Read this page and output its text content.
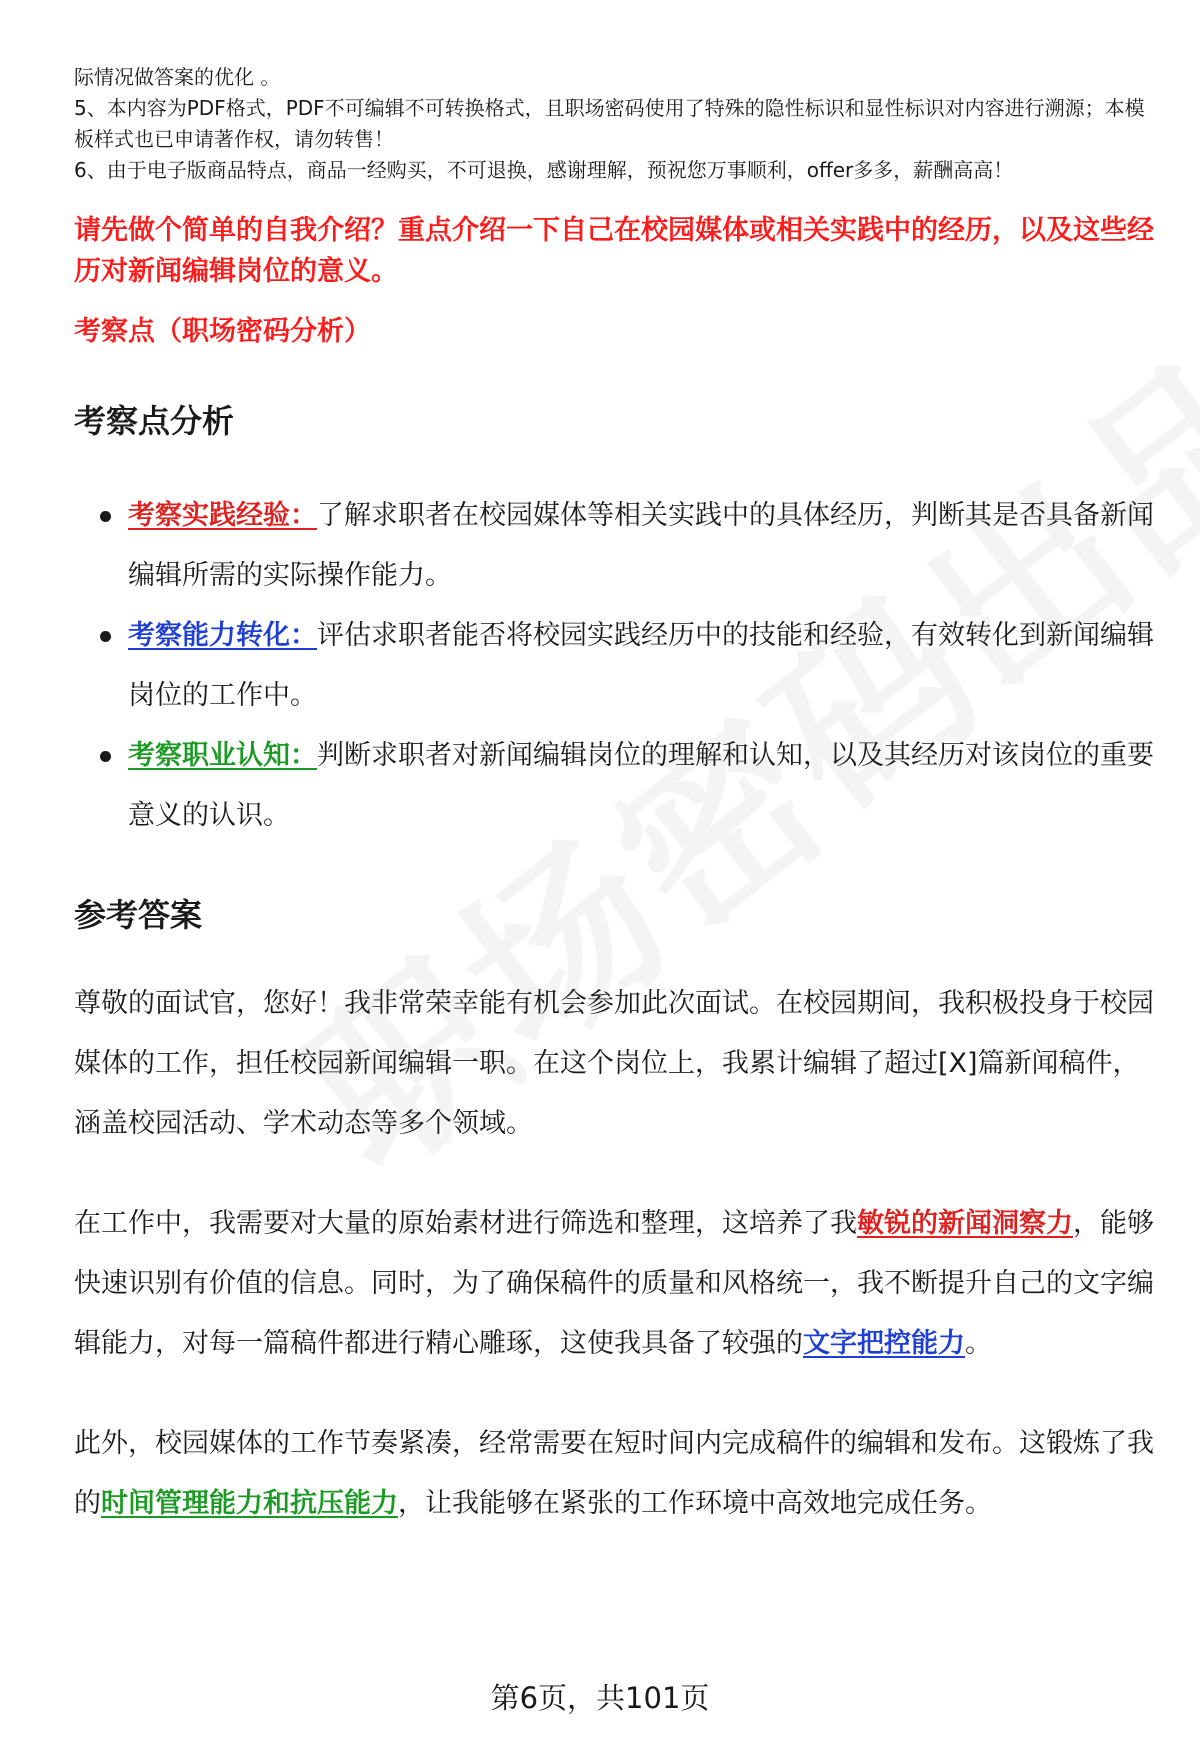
际情况做答案的优化 。

5、本内容为PDF格式，PDF不可编辑不可转换格式，且职场密码使用了特殊的隐性标识和显性标识对内容进行溯源；本模板样式也已申请著作权，请勿转售！

6、由于电子版商品特点，商品一经购买，不可退换，感谢理解，预祝您万事顺利，offer多多，薪酬高高！

请先做个简单的自我介绍？重点介绍一下自己在校园媒体或相关实践中的经历，以及这些经历对新闻编辑岗位的意义。
考察点（职场密码分析）
考察点分析
考察实践经验：了解求职者在校园媒体等相关实践中的具体经历，判断其是否具备新闻编辑所需的实际操作能力。
考察能力转化：评估求职者能否将校园实践经历中的技能和经验，有效转化到新闻编辑岗位的工作中。
考察职业认知：判断求职者对新闻编辑岗位的理解和认知，以及其经历对该岗位的重要意义的认识。
参考答案

尊敬的面试官，您好！我非常荣幸能有机会参加此次面试。在校园期间，我积极投身于校园媒体的工作，担任校园新闻编辑一职。在这个岗位上，我累计编辑了超过[X]篇新闻稿件，涵盖校园活动、学术动态等多个领域。

在工作中，我需要对大量的原始素材进行筛选和整理，这培养了我敏锐的新闻洞察力，能够快速识别有价值的信息。同时，为了确保稿件的质量和风格统一，我不断提升自己的文字编辑能力，对每一篇稿件都进行精心雕琢，这使我具备了较强的文字把控能力。

此外，校园媒体的工作节奏紧凑，经常需要在短时间内完成稿件的编辑和发布。这锻炼了我的时间管理能力和抗压能力，让我能够在紧张的工作环境中高效地完成任务。

第6页，共101页
